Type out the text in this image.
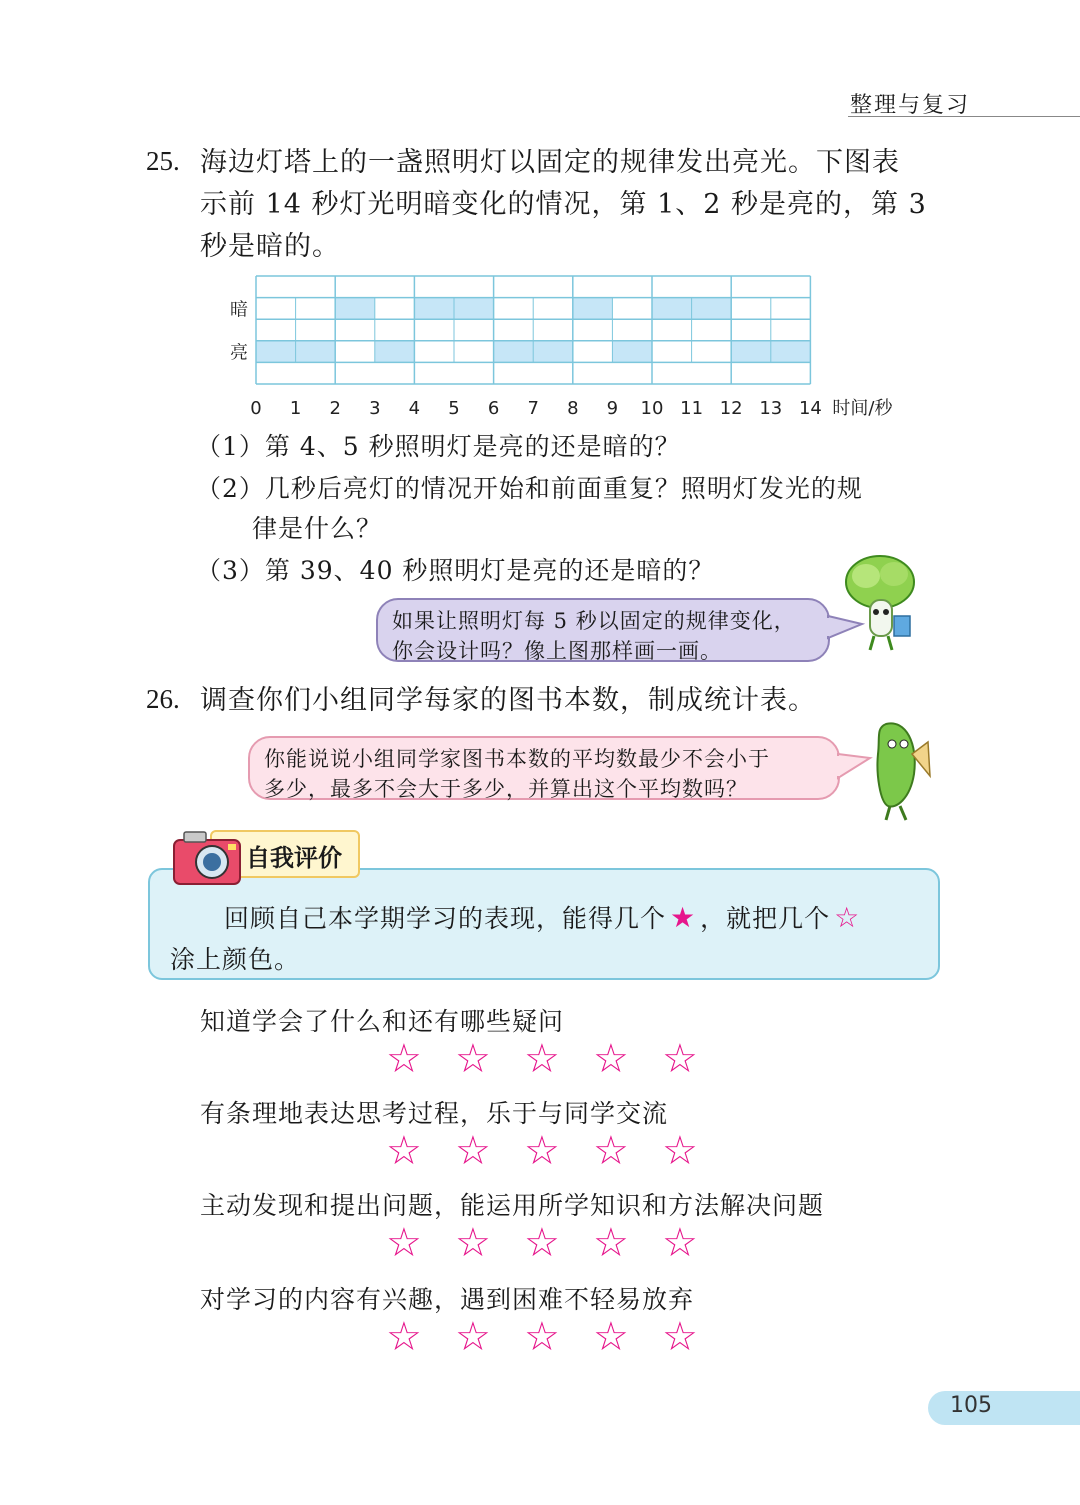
整理与复习
25. 海边灯塔上的一盏照明灯以固定的规律发出亮光。下图表
示前 14 秒灯光明暗变化的情况，第 1、2 秒是亮的，第 3
秒是暗的。
暗
亮
0 1 2 3 4 5 6 7 8 9 10 11 12 13 14 时间/秒
（1）第 4、5 秒照明灯是亮的还是暗的？
（2）几秒后亮灯的情况开始和前面重复？照明灯发光的规
律是什么？
（3）第 39、40 秒照明灯是亮的还是暗的？
如果让照明灯每 5 秒以固定的规律变化，
你会设计吗？像上图那样画一画。
26. 调查你们小组同学每家的图书本数，制成统计表。
你能说说小组同学家图书本数的平均数最少不会小于
多少，最多不会大于多少，并算出这个平均数吗？
自我评价
回顾自己本学期学习的表现，能得几个 ★ ，就把几个 ☆
涂上颜色。
知道学会了什么和还有哪些疑问
☆ ☆ ☆ ☆ ☆
有条理地表达思考过程，乐于与同学交流
☆ ☆ ☆ ☆ ☆
主动发现和提出问题，能运用所学知识和方法解决问题
☆ ☆ ☆ ☆ ☆
对学习的内容有兴趣，遇到困难不轻易放弃
☆ ☆ ☆ ☆ ☆
105
